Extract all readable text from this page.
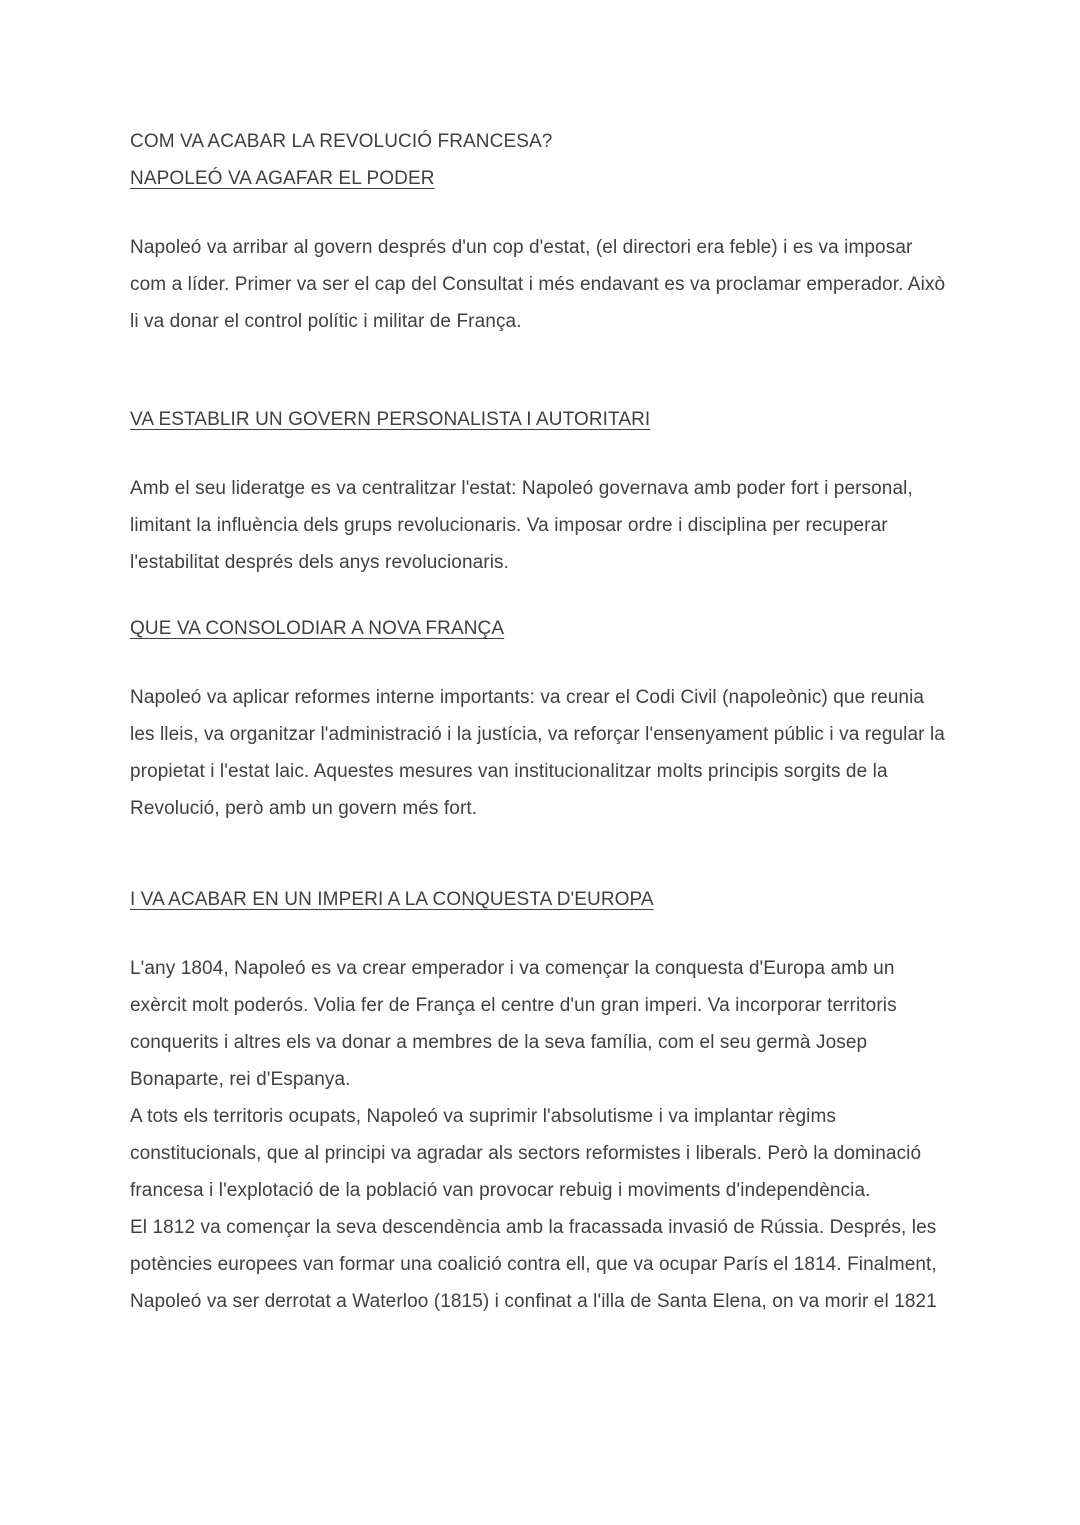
COM VA ACABAR LA REVOLUCIÓ FRANCESA?
NAPOLEÓ VA AGAFAR EL PODER

Napoleó va arribar al govern després d'un cop d'estat, (el directori era feble) i es va imposar com a líder. Primer va ser el cap del Consultat i més endavant es va proclamar emperador. Això li va donar el control polític i militar de França.

VA ESTABLIR UN GOVERN PERSONALISTA I AUTORITARI

Amb el seu lideratge es va centralitzar l'estat: Napoleó governava amb poder fort i personal, limitant la influència dels grups revolucionaris. Va imposar ordre i disciplina per recuperar l'estabilitat després dels anys revolucionaris.

QUE VA CONSOLODIAR A NOVA FRANÇA

Napoleó va aplicar reformes interne importants: va crear el Codi Civil (napoleònic) que reunia les lleis, va organitzar l'administració i la justícia, va reforçar l'ensenyament públic i va regular la propietat i l'estat laic. Aquestes mesures van institucionalitzar molts principis sorgits de la Revolució, però amb un govern més fort.

I VA ACABAR EN UN IMPERI A LA CONQUESTA D'EUROPA

L'any 1804, Napoleó es va crear emperador i va començar la conquesta d'Europa amb un exèrcit molt poderós. Volia fer de França el centre d'un gran imperi. Va incorporar territoris conquerits i altres els va donar a membres de la seva família, com el seu germà Josep Bonaparte, rei d'Espanya.

A tots els territoris ocupats, Napoleó va suprimir l'absolutisme i va implantar règims constitucionals, que al principi va agradar als sectors reformistes i liberals. Però la dominació francesa i l'explotació de la població van provocar rebuig i moviments d'independència.

El 1812 va començar la seva descendència amb la fracassada invasió de Rússia. Després, les potències europees van formar una coalició contra ell, que va ocupar París el 1814. Finalment, Napoleó va ser derrotat a Waterloo (1815) i confinat a l'illa de Santa Elena, on va morir el 1821
